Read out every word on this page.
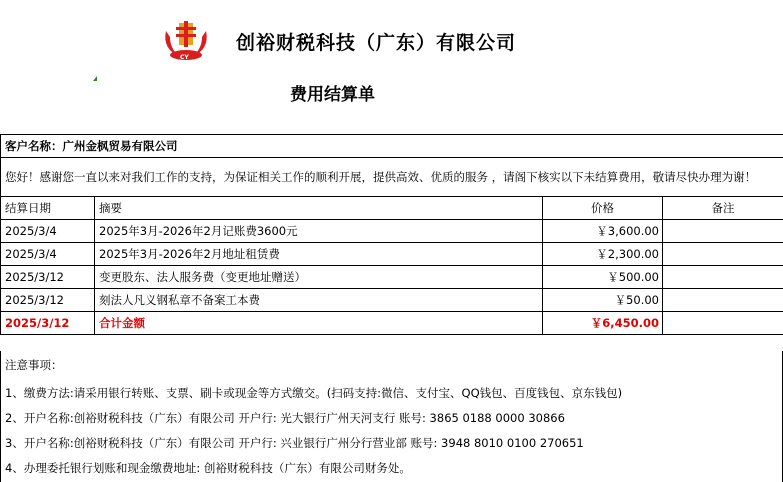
CY
创裕财税科技（广东）有限公司
费用结算单
客户名称：广州金枫贸易有限公司			
您好！感谢您一直以来对我们工作的支持，为保证相关工作的顺利开展，提供高效、优质的服务 ，请阁下核实以下未结算费用，敬请尽快办理为谢！			
结算日期	摘要	价格	备注
2025/3/4	2025年3月-2026年2月记账费3600元	￥3,600.00	
2025/3/4	2025年3月-2026年2月地址租赁费	￥2,300.00	
2025/3/12	变更股东、法人服务费（变更地址赠送）	￥500.00	
2025/3/12	刻法人凡义钢私章不备案工本费	￥50.00	
2025/3/12	合计金额	￥6,450.00	
注意事项：
1、缴费方法:请采用银行转账、支票、刷卡或现金等方式缴交。(扫码支持:微信、支付宝、QQ钱包、百度钱包、京东钱包)
2、开户名称:创裕财税科技（广东）有限公司 开户行: 光大银行广州天河支行 账号: 3865 0188 0000 30866
3、开户名称:创裕财税科技（广东）有限公司 开户行: 兴业银行广州分行营业部 账号: 3948 8010 0100 270651
4、办理委托银行划账和现金缴费地址: 创裕财税科技（广东）有限公司财务处。
